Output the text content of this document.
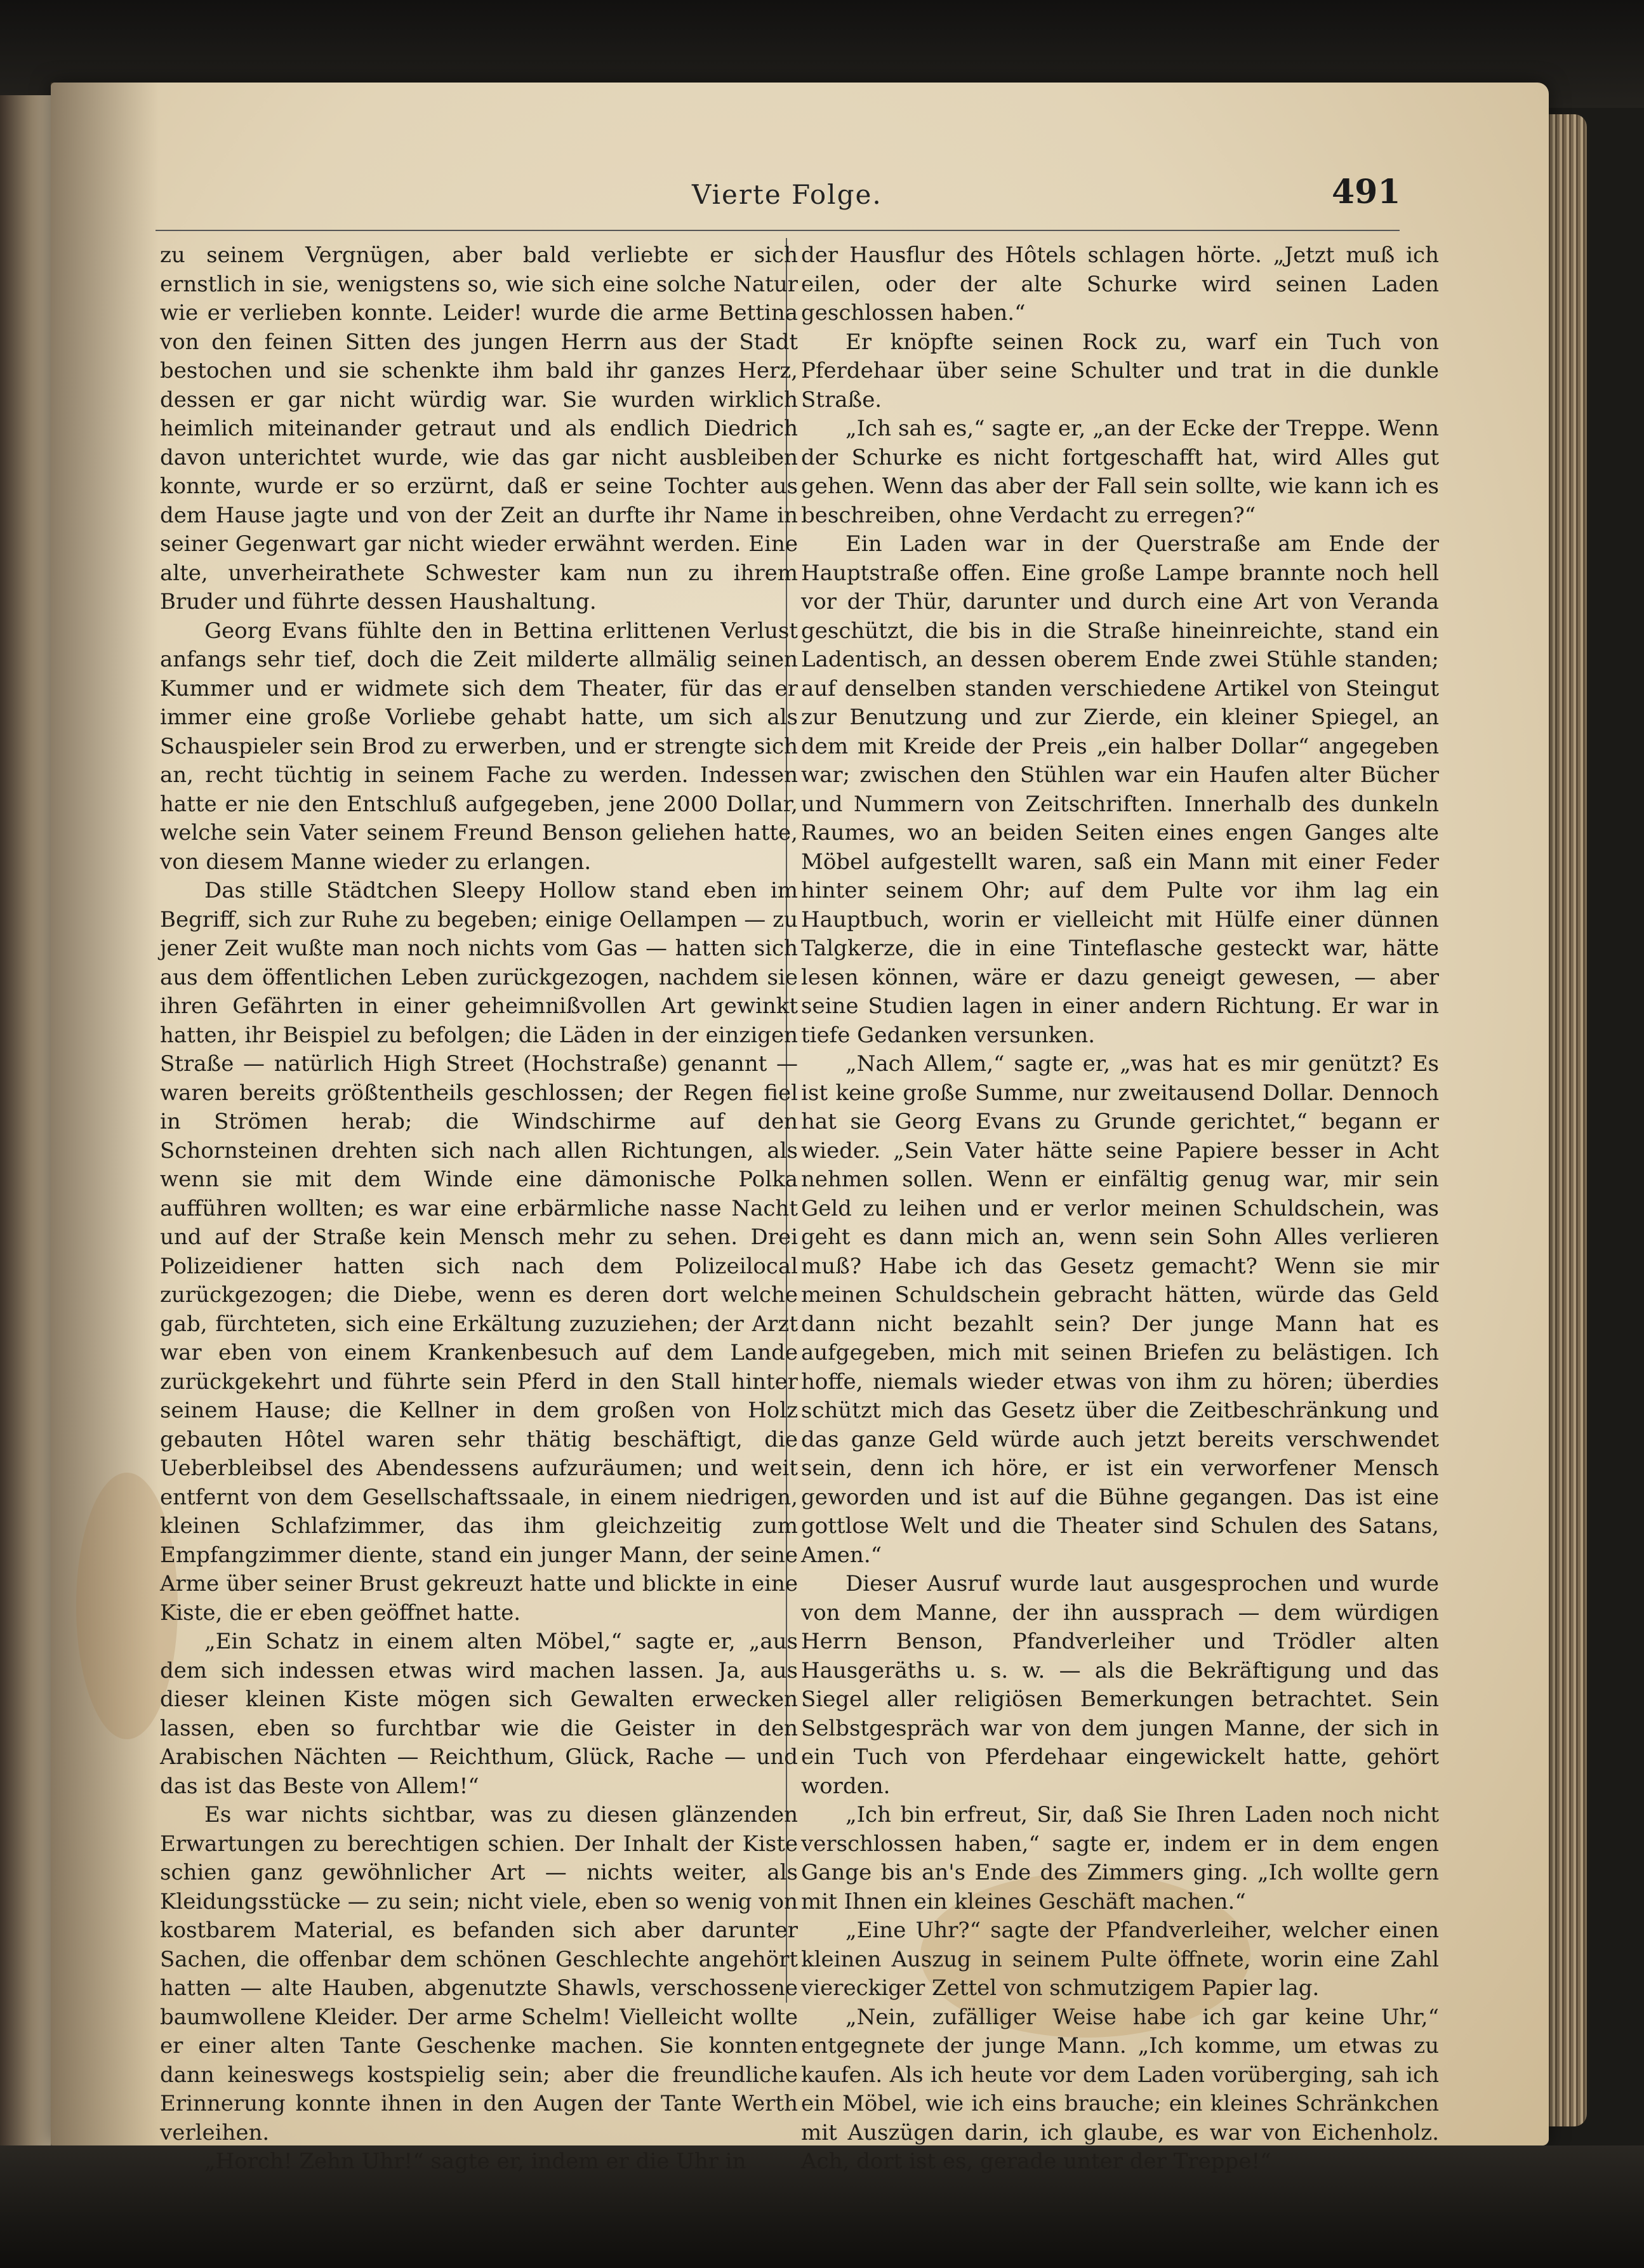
Vierte Folge.	491

zu seinem Vergnügen, aber bald verliebte er sich ernstlich in sie, wenigstens so, wie sich eine solche Natur wie er verlieben konnte. Leider! wurde die arme Bettina von den feinen Sitten des jungen Herrn aus der Stadt bestochen und sie schenkte ihm bald ihr ganzes Herz, dessen er gar nicht würdig war. Sie wurden wirklich heimlich miteinander getraut und als endlich Diedrich davon unterichtet wurde, wie das gar nicht ausbleiben konnte, wurde er so erzürnt, daß er seine Tochter aus dem Hause jagte und von der Zeit an durfte ihr Name in seiner Gegenwart gar nicht wieder erwähnt werden. Eine alte, unverheirathete Schwester kam nun zu ihrem Bruder und führte dessen Haushaltung.

Georg Evans fühlte den in Bettina erlittenen Verlust anfangs sehr tief, doch die Zeit milderte allmälig seinen Kummer und er widmete sich dem Theater, für das er immer eine große Vorliebe gehabt hatte, um sich als Schauspieler sein Brod zu erwerben, und er strengte sich an, recht tüchtig in seinem Fache zu werden. Indessen hatte er nie den Entschluß aufgegeben, jene 2000 Dollar, welche sein Vater seinem Freund Benson geliehen hatte, von diesem Manne wieder zu erlangen.

Das stille Städtchen Sleepy Hollow stand eben im Begriff, sich zur Ruhe zu begeben; einige Oellampen — zu jener Zeit wußte man noch nichts vom Gas — hatten sich aus dem öffentlichen Leben zurückgezogen, nachdem sie ihren Gefährten in einer geheimnißvollen Art gewinkt hatten, ihr Beispiel zu befolgen; die Läden in der einzigen Straße — natürlich High Street (Hochstraße) genannt — waren bereits größtentheils geschlossen; der Regen fiel in Strömen herab; die Windschirme auf den Schornsteinen drehten sich nach allen Richtungen, als wenn sie mit dem Winde eine dämonische Polka aufführen wollten; es war eine erbärmliche nasse Nacht und auf der Straße kein Mensch mehr zu sehen. Drei Polizeidiener hatten sich nach dem Polizeilocal zurückgezogen; die Diebe, wenn es deren dort welche gab, fürchteten, sich eine Erkältung zuzuziehen; der Arzt war eben von einem Krankenbesuch auf dem Lande zurückgekehrt und führte sein Pferd in den Stall hinter seinem Hause; die Kellner in dem großen von Holz gebauten Hôtel waren sehr thätig beschäftigt, die Ueberbleibsel des Abendessens aufzuräumen; und weit entfernt von dem Gesellschaftssaale, in einem niedrigen, kleinen Schlafzimmer, das ihm gleichzeitig zum Empfangzimmer diente, stand ein junger Mann, der seine Arme über seiner Brust gekreuzt hatte und blickte in eine Kiste, die er eben geöffnet hatte.

„Ein Schatz in einem alten Möbel,“ sagte er, „aus dem sich indessen etwas wird machen lassen. Ja, aus dieser kleinen Kiste mögen sich Gewalten erwecken lassen, eben so furchtbar wie die Geister in den Arabischen Nächten — Reichthum, Glück, Rache — und das ist das Beste von Allem!“

Es war nichts sichtbar, was zu diesen glänzenden Erwartungen zu berechtigen schien. Der Inhalt der Kiste schien ganz gewöhnlicher Art — nichts weiter, als Kleidungsstücke — zu sein; nicht viele, eben so wenig von kostbarem Material, es befanden sich aber darunter Sachen, die offenbar dem schönen Geschlechte angehört hatten — alte Hauben, abgenutzte Shawls, verschossene baumwollene Kleider. Der arme Schelm! Vielleicht wollte er einer alten Tante Geschenke machen. Sie konnten dann keineswegs kostspielig sein; aber die freundliche Erinnerung konnte ihnen in den Augen der Tante Werth verleihen.

„Horch! Zehn Uhr!“ sagte er, indem er die Uhr in

der Hausflur des Hôtels schlagen hörte. „Jetzt muß ich eilen, oder der alte Schurke wird seinen Laden geschlossen haben.“

Er knöpfte seinen Rock zu, warf ein Tuch von Pferdehaar über seine Schulter und trat in die dunkle Straße.

„Ich sah es,“ sagte er, „an der Ecke der Treppe. Wenn der Schurke es nicht fortgeschafft hat, wird Alles gut gehen. Wenn das aber der Fall sein sollte, wie kann ich es beschreiben, ohne Verdacht zu erregen?“

Ein Laden war in der Querstraße am Ende der Hauptstraße offen. Eine große Lampe brannte noch hell vor der Thür, darunter und durch eine Art von Veranda geschützt, die bis in die Straße hineinreichte, stand ein Ladentisch, an dessen oberem Ende zwei Stühle standen; auf denselben standen verschiedene Artikel von Steingut zur Benutzung und zur Zierde, ein kleiner Spiegel, an dem mit Kreide der Preis „ein halber Dollar“ angegeben war; zwischen den Stühlen war ein Haufen alter Bücher und Nummern von Zeitschriften. Innerhalb des dunkeln Raumes, wo an beiden Seiten eines engen Ganges alte Möbel aufgestellt waren, saß ein Mann mit einer Feder hinter seinem Ohr; auf dem Pulte vor ihm lag ein Hauptbuch, worin er vielleicht mit Hülfe einer dünnen Talgkerze, die in eine Tinteflasche gesteckt war, hätte lesen können, wäre er dazu geneigt gewesen, — aber seine Studien lagen in einer andern Richtung. Er war in tiefe Gedanken versunken.

„Nach Allem,“ sagte er, „was hat es mir genützt? Es ist keine große Summe, nur zweitausend Dollar. Dennoch hat sie Georg Evans zu Grunde gerichtet,“ begann er wieder. „Sein Vater hätte seine Papiere besser in Acht nehmen sollen. Wenn er einfältig genug war, mir sein Geld zu leihen und er verlor meinen Schuldschein, was geht es dann mich an, wenn sein Sohn Alles verlieren muß? Habe ich das Gesetz gemacht? Wenn sie mir meinen Schuldschein gebracht hätten, würde das Geld dann nicht bezahlt sein? Der junge Mann hat es aufgegeben, mich mit seinen Briefen zu belästigen. Ich hoffe, niemals wieder etwas von ihm zu hören; überdies schützt mich das Gesetz über die Zeitbeschränkung und das ganze Geld würde auch jetzt bereits verschwendet sein, denn ich höre, er ist ein verworfener Mensch geworden und ist auf die Bühne gegangen. Das ist eine gottlose Welt und die Theater sind Schulen des Satans, Amen.“

Dieser Ausruf wurde laut ausgesprochen und wurde von dem Manne, der ihn aussprach — dem würdigen Herrn Benson, Pfandverleiher und Trödler alten Hausgeräths u. s. w. — als die Bekräftigung und das Siegel aller religiösen Bemerkungen betrachtet. Sein Selbstgespräch war von dem jungen Manne, der sich in ein Tuch von Pferdehaar eingewickelt hatte, gehört worden.

„Ich bin erfreut, Sir, daß Sie Ihren Laden noch nicht verschlossen haben,“ sagte er, indem er in dem engen Gange bis an's Ende des Zimmers ging. „Ich wollte gern mit Ihnen ein kleines Geschäft machen.“

„Eine Uhr?“ sagte der Pfandverleiher, welcher einen kleinen Auszug in seinem Pulte öffnete, worin eine Zahl viereckiger Zettel von schmutzigem Papier lag.

„Nein, zufälliger Weise habe ich gar keine Uhr,“ entgegnete der junge Mann. „Ich komme, um etwas zu kaufen. Als ich heute vor dem Laden vorüberging, sah ich ein Möbel, wie ich eins brauche; ein kleines Schränkchen mit Auszügen darin, ich glaube, es war von Eichenholz. Ach, dort ist es, gerade unter der Treppe!“
